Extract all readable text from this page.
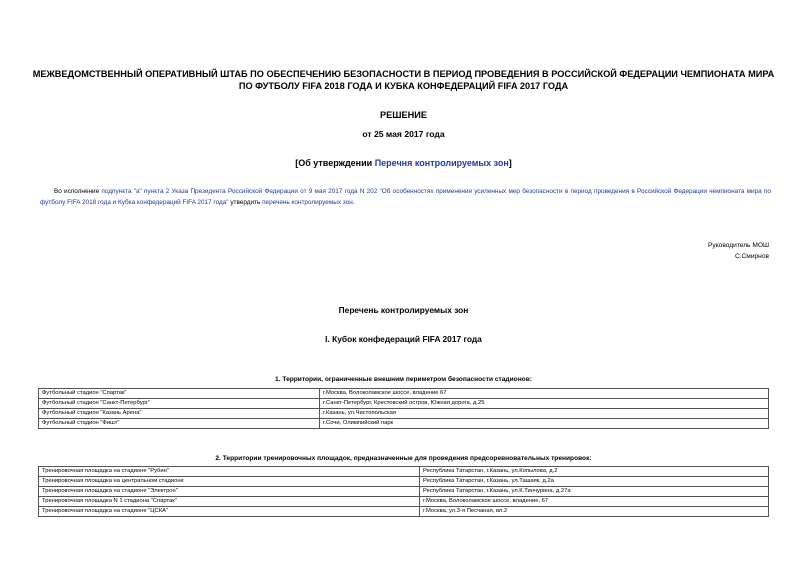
МЕЖВЕДОМСТВЕННЫЙ ОПЕРАТИВНЫЙ ШТАБ ПО ОБЕСПЕЧЕНИЮ БЕЗОПАСНОСТИ В ПЕРИОД ПРОВЕДЕНИЯ В РОССИЙСКОЙ ФЕДЕРАЦИИ ЧЕМПИОНАТА МИРА ПО ФУТБОЛУ FIFA 2018 ГОДА И КУБКА КОНФЕДЕРАЦИЙ FIFA 2017 ГОДА
РЕШЕНИЕ
от 25 мая 2017 года
[Об утверждении Перечня контролируемых зон]
Во исполнение подпункта "а" пункта 2 Указа Президента Российской Федерации от 9 мая 2017 года N 202 "Об особенностях применения усиленных мер безопасности в период проведения в Российской Федерации чемпионата мира по футболу FIFA 2018 года и Кубка конфедераций FIFA 2017 года" утвердить перечень контролируемых зон.
Руководитель МОШ
С.Смирнов
Перечень контролируемых зон
I. Кубок конфедераций FIFA 2017 года
1. Территории, ограниченные внешним периметром безопасности стадионов:
Футбольный стадион "Спартак"	г.Москва, Волоколамское шоссе, владение 67
Футбольный стадион "Санкт-Петербург"	г.Санкт-Петербург, Крестовский остров, Южная дорога, д.25
Футбольный стадион "Казань Арена"	г.Казань, ул.Чистопольская
Футбольный стадион "Фишт"	г.Сочи, Олимпийский парк
2. Территории тренировочных площадок, предназначенные для проведения предсоревновательных тренировок:
Тренировочная площадка на стадионе "Рубин"	Республика Татарстан, г.Казань, ул.Копылова, д.2
Тренировочная площадка на центральном стадионе	Республика Татарстан, г.Казань, ул.Ташаяк, д.2а
Тренировочная площадка на стадионе "Электрон"	Республика Татарстан, г.Казань, ул.К.Тинчурина, д.27а
Тренировочная площадка N 1 стадиона "Спартак"	г.Москва, Волоколамское шоссе, владение, 67
Тренировочная площадка на стадионе "ЦСКА"	г.Москва, ул.3-я Песчаная, вл.2
